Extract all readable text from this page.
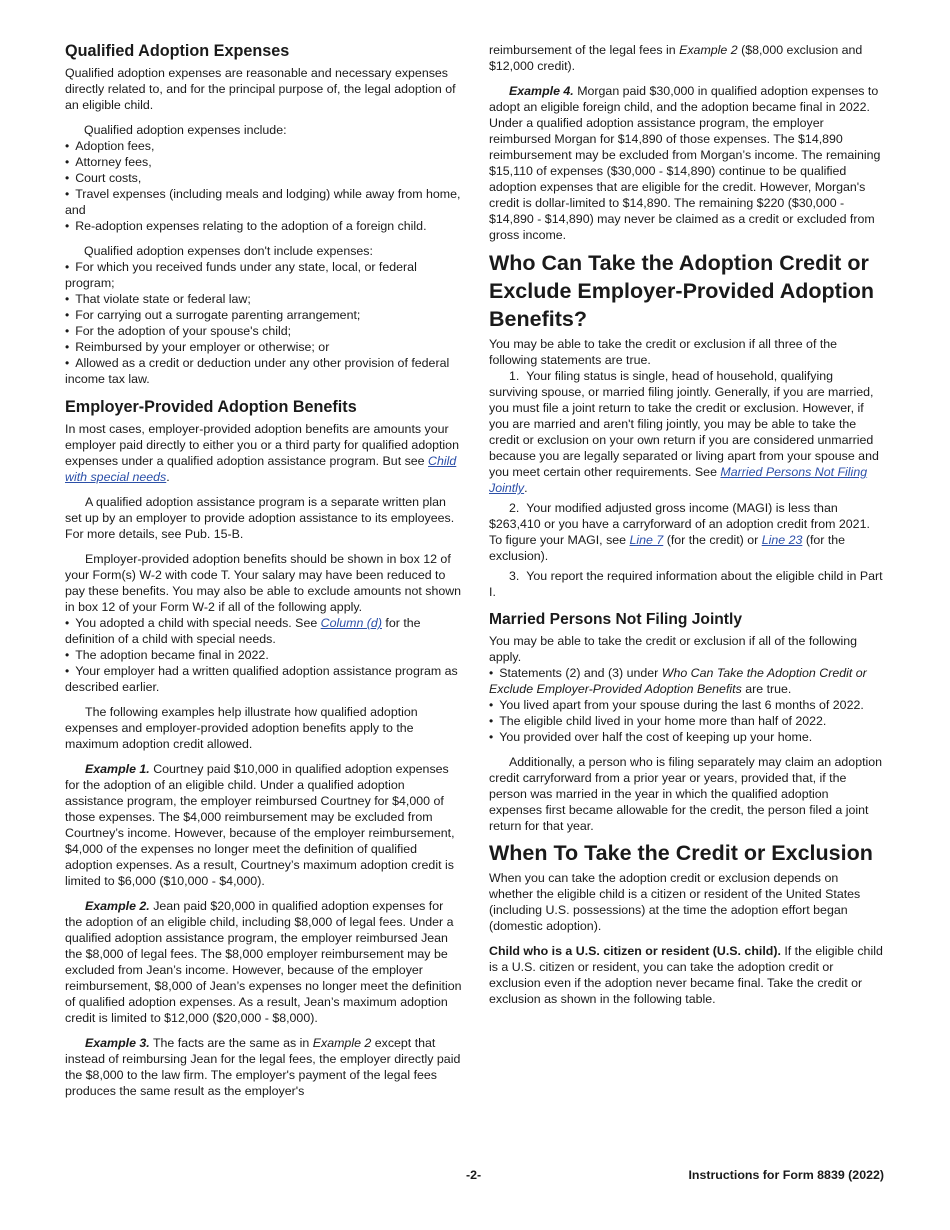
Qualified Adoption Expenses

Qualified adoption expenses are reasonable and necessary expenses directly related to, and for the principal purpose of, the legal adoption of an eligible child.

Qualified adoption expenses include:

• Adoption fees,
• Attorney fees,
• Court costs,
• Travel expenses (including meals and lodging) while away from home, and
• Re-adoption expenses relating to the adoption of a foreign child.

Qualified adoption expenses don't include expenses:

• For which you received funds under any state, local, or federal program;
• That violate state or federal law;
• For carrying out a surrogate parenting arrangement;
• For the adoption of your spouse's child;
• Reimbursed by your employer or otherwise; or
• Allowed as a credit or deduction under any other provision of federal income tax law.
Employer-Provided Adoption Benefits

In most cases, employer-provided adoption benefits are amounts your employer paid directly to either you or a third party for qualified adoption expenses under a qualified adoption assistance program. But see Child with special needs.

A qualified adoption assistance program is a separate written plan set up by an employer to provide adoption assistance to its employees. For more details, see Pub. 15-B.

Employer-provided adoption benefits should be shown in box 12 of your Form(s) W-2 with code T. Your salary may have been reduced to pay these benefits. You may also be able to exclude amounts not shown in box 12 of your Form W-2 if all of the following apply.

• You adopted a child with special needs. See Column (d) for the definition of a child with special needs.
• The adoption became final in 2022.
• Your employer had a written qualified adoption assistance program as described earlier.

The following examples help illustrate how qualified adoption expenses and employer-provided adoption benefits apply to the maximum adoption credit allowed.

Example 1. Courtney paid $10,000 in qualified adoption expenses for the adoption of an eligible child. Under a qualified adoption assistance program, the employer reimbursed Courtney for $4,000 of those expenses. The $4,000 reimbursement may be excluded from Courtney’s income. However, because of the employer reimbursement, $4,000 of the expenses no longer meet the definition of qualified adoption expenses. As a result, Courtney’s maximum adoption credit is limited to $6,000 ($10,000 - $4,000).

Example 2. Jean paid $20,000 in qualified adoption expenses for the adoption of an eligible child, including $8,000 of legal fees. Under a qualified adoption assistance program, the employer reimbursed Jean the $8,000 of legal fees. The $8,000 employer reimbursement may be excluded from Jean’s income. However, because of the employer reimbursement, $8,000 of Jean’s expenses no longer meet the definition of qualified adoption expenses. As a result, Jean’s maximum adoption credit is limited to $12,000 ($20,000 - $8,000).

Example 3. The facts are the same as in Example 2 except that instead of reimbursing Jean for the legal fees, the employer directly paid the $8,000 to the law firm. The employer's payment of the legal fees produces the same result as the employer's

reimbursement of the legal fees in Example 2 ($8,000 exclusion and $12,000 credit).

Example 4. Morgan paid $30,000 in qualified adoption expenses to adopt an eligible foreign child, and the adoption became final in 2022. Under a qualified adoption assistance program, the employer reimbursed Morgan for $14,890 of those expenses. The $14,890 reimbursement may be excluded from Morgan’s income. The remaining $15,110 of expenses ($30,000 - $14,890) continue to be qualified adoption expenses that are eligible for the credit. However, Morgan's credit is dollar-limited to $14,890. The remaining $220 ($30,000 - $14,890 - $14,890) may never be claimed as a credit or excluded from gross income.

Who Can Take the Adoption Credit or Exclude Employer-Provided Adoption Benefits?

You may be able to take the credit or exclusion if all three of the following statements are true.

1.  Your filing status is single, head of household, qualifying surviving spouse, or married filing jointly. Generally, if you are married, you must file a joint return to take the credit or exclusion. However, if you are married and aren't filing jointly, you may be able to take the credit or exclusion on your own return if you are considered unmarried because you are legally separated or living apart from your spouse and you meet certain other requirements. See Married Persons Not Filing Jointly.

2.  Your modified adjusted gross income (MAGI) is less than $263,410 or you have a carryforward of an adoption credit from 2021. To figure your MAGI, see Line 7 (for the credit) or Line 23 (for the exclusion).

3.  You report the required information about the eligible child in Part I.

Married Persons Not Filing Jointly

You may be able to take the credit or exclusion if all of the following apply.

• Statements (2) and (3) under Who Can Take the Adoption Credit or Exclude Employer-Provided Adoption Benefits are true.
• You lived apart from your spouse during the last 6 months of 2022.
• The eligible child lived in your home more than half of 2022.
• You provided over half the cost of keeping up your home.

Additionally, a person who is filing separately may claim an adoption credit carryforward from a prior year or years, provided that, if the person was married in the year in which the qualified adoption expenses first became allowable for the credit, the person filed a joint return for that year.

When To Take the Credit or Exclusion

When you can take the adoption credit or exclusion depends on whether the eligible child is a citizen or resident of the United States (including U.S. possessions) at the time the adoption effort began (domestic adoption).

Child who is a U.S. citizen or resident (U.S. child). If the eligible child is a U.S. citizen or resident, you can take the adoption credit or exclusion even if the adoption never became final. Take the credit or exclusion as shown in the following table.

-2-	Instructions for Form 8839 (2022)
